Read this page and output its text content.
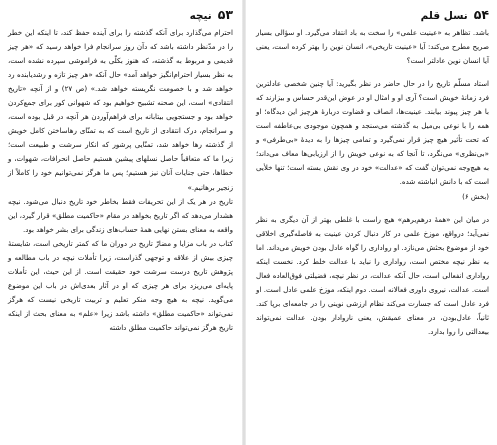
۵۳
نیچه

احترام می‌گذارد برای آنکه گذشته را برای آینده حفظ کند، تا اینکه این خطر را در مدّنظر داشته باشد که دآن روز سرانجام فرا خواهد رسید که «هر چیز قدیمی و مربوط به گذشته، که هنوز بکلّی به فراموشی سپرده نشده است، به نظر بسیار احترام‌انگیز خواهد آمد» حال آنکه «هر چیز تازه و رشدیابنده رد خواهد شد و با خصومت نگریسته خواهد شد.» (ص ۲۷) و از آنچه «تاریخ انتقادی» است، این صحنه تشبیح خواهیم بود که شهوانی کور برای جمع‌کردن خواهد بود و جستجویی بیتابانه برای فراهم‌آوردن هر آنچه در قبل بوده است، و سرانجام، درک انتقادی از تاریخ است که به تمنّای رهاساختن کامل خویش از گذشته رها خواهد شد، تمنّایی پرشور که انکار سرشت و طبیعت است؛ زیرا ما که متعاقباً حاصل نسلهای پیشین هستیم حاصل انحرافات، شهوات، و خطاها، حتی جنایات آنان نیز هستیم؛ پس ما هرگز نمی‌توانیم خود را کاملاً از زنجیر برهانیم.»

تاریخ در هر یک از این تحریفات فقط بخاطر خود تاریخ دنبال می‌شود. نیچه هشدار می‌دهد که اگر تاریخ بخواهد در مقام «حاکمیت مطلق» قرار گیرد، این واقعه به معنای بستن نهایی همهٔ حساب‌های زندگی برای بشر خواهد بود.

کتاب در باب مزایا و مضارّ تاریخ در دوران ما که کمتر تاریخی است، شایستهٔ چیزی بیش از علاقه و توجهی گذراست، زیرا تأملات نیچه در باب مطالعه و پژوهش تاریخ درست سرشت خود حقیقت است. از این حیث، این تأملات پایه‌ای می‌ریزد برای هر چیزی که او در آثار بعدی‌اش در باب این موضوع می‌گوید. نیچه به هیچ وجه منکر تعلیم و تربیت تاریخی نیست که هرگز نمی‌تواند «حاکمیت مطلق» داشته باشد زیرا «علم» به معنای بحث از اینکه تاریخ هرگز نمی‌تواند حاکمیت مطلق داشته

۵۴
نسل قلم

باشد. تظاهر به «عینیت علمی» را سخت به باد انتقاد می‌گیرد. او سؤالی بسیار صریح مطرح می‌کند: آیا «عینیت تاریخی»، انسان نوین را بهتر کرده است، یعنی آیا انسان نوین عادلتر است؟

استاد مسلّم تاریخ را در حال حاضر در نظر بگیرید: آیا چنین شخصی عادلترین فرد زمانهٔ خویش است؟ آری او و امثال او در عوض این‌قدر حساس و بیزارند که با هر چیز پیوند بیابند. عینیت‌ها، انصاف و قضاوت دربارهٔ هرچیز این دیدگاه؛ او همه را با نوعی بی‌میل به گذشته می‌سنجد و همچون موجودی بی‌عاطفه است که تحت تأثیر هیچ چیز قرار نمی‌گیرد و تمامی چیزها را به دیدهٔ «بی‌طرفی» و «بی‌نظری» می‌نگرد، تا آنجا که به نوعی خویش را از ارزیابی‌ها معاف می‌داند؛ به هیچ‌وجه نمی‌توان گفت که «عدالت» خود در وی نقش بسته است؛ تنها خلأیی است که با دانش انباشته شده.

(بخش ۶)

در میان این «همهٔ درهم‌برهم» هیچ راست با غلطی بهتر از آن دیگری به نظر نمی‌آید؛ درواقع، موزخ علمی در کار دنبال کردن عینیت به فاصله‌گیری اخلاقی خود از موضوع بحثش می‌نازد. او رواداری را گواه عادل بودن خویش می‌داند. اما به نظر نیچه مختص است، رواداری را نباید با عدالت خلط کرد. نخست اینکه رواداری انفعالی است، حال آنکه عدالت، در نظر نیچه، فضیلتی فوق‌العاده فعال است. عدالت، نیروی داوری فعالانه است. دوم اینکه، موزخ علمی عادل است. او فرد عادل است که جسارت می‌کند نظام ارزشی نوینی را در جامعه‌ای برپا کند. ثانیاً، عادل‌بودن، در معنای عمیقش، یعنی ناروادار بودن. عدالت نمی‌تواند بیعدالتی را روا بدارد.
